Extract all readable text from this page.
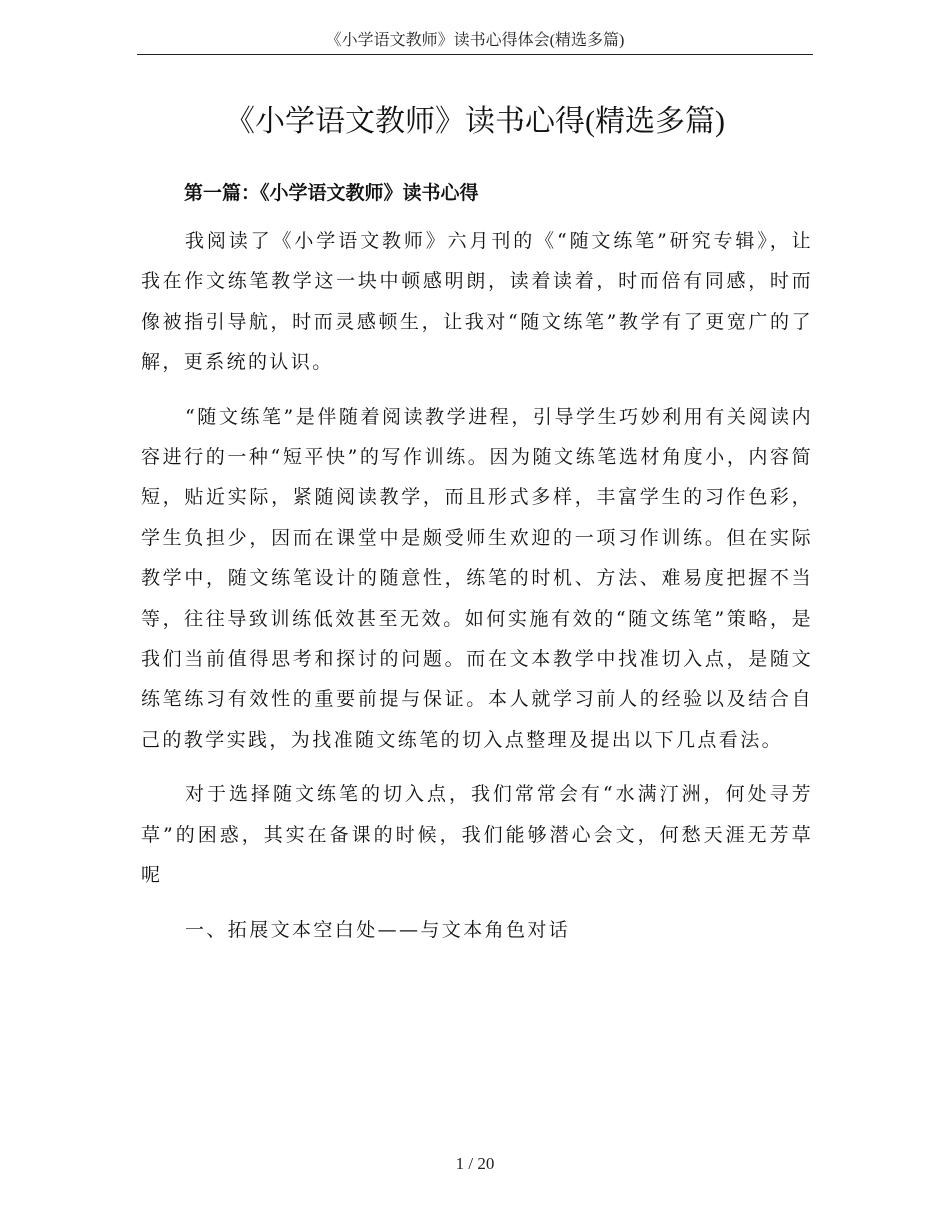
《小学语文教师》读书心得体会(精选多篇)
《小学语文教师》读书心得(精选多篇)
第一篇：《小学语文教师》读书心得

我阅读了《小学语文教师》六月刊的《“随文练笔”研究专辑》，让我在作文练笔教学这一块中顿感明朗，读着读着，时而倍有同感，时而像被指引导航，时而灵感顿生，让我对“随文练笔”教学有了更宽广的了解，更系统的认识。

“随文练笔”是伴随着阅读教学进程，引导学生巧妙利用有关阅读内容进行的一种“短平快”的写作训练。因为随文练笔选材角度小，内容简短，贴近实际，紧随阅读教学，而且形式多样，丰富学生的习作色彩，学生负担少，因而在课堂中是颇受师生欢迎的一项习作训练。但在实际教学中，随文练笔设计的随意性，练笔的时机、方法、难易度把握不当等，往往导致训练低效甚至无效。如何实施有效的“随文练笔”策略，是我们当前值得思考和探讨的问题。而在文本教学中找准切入点，是随文练笔练习有效性的重要前提与保证。本人就学习前人的经验以及结合自己的教学实践，为找准随文练笔的切入点整理及提出以下几点看法。

对于选择随文练笔的切入点，我们常常会有“水满汀洲，何处寻芳草”的困惑，其实在备课的时候，我们能够潜心会文，何愁天涯无芳草呢

一、拓展文本空白处——与文本角色对话

1 / 20
